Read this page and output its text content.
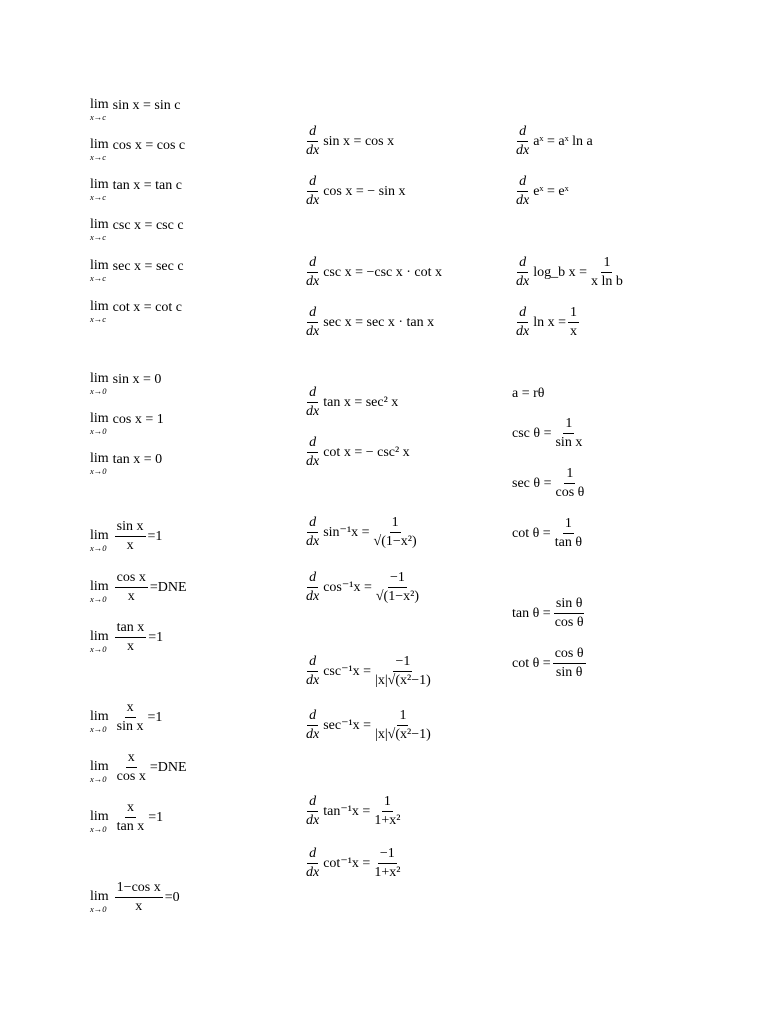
lim
x→c
sin x = sin c
lim
x→c
cos x = cos c
lim
x→c
tan x = tan c
lim
x→c
csc x = csc c
lim
x→c
sec x = sec c
lim
x→c
cot x = cot c
lim
x→0
sin x = 0
lim
x→0
cos x = 1
lim
x→0
tan x = 0
lim
$x\to 0 \frac{\text{sin x}}{x} =1$
lim
$x\to 0 \frac{\text{cos x}}{x} =DNE$
lim
$x\to 0 \frac{\text{tan x}}{x} =1$
lim
$x\to 0 \frac{x}{\text{sin x}} =1$
lim
$x\to 0 \frac{x}{\text{cos x}} =DNE$
lim
$x\to 0 \frac{x}{\text{tan x}} =1$
lim
$x\to 0 \frac{\text{1−cos x}}{x} =0$
$\frac{d}{dx}$ sin x = cos x
$\frac{d}{dx}$ cos x = − sin x
$\frac{d}{dx}$ csc x = −csc x · cot x
$\frac{d}{dx}$ sec x = sec x · tan x
$\frac{d}{dx}$ tan x = sec² x
$\frac{d}{dx}$ cot x = − csc² x
$\frac{d}{dx} \sin^{-1}x = \frac{1}{\text{√(1−x²)}}$
$\frac{d}{dx} \cos^{-1}x = \frac{-1}{\text{√(1−x²)}}$
$\frac{d}{dx} \csc^{-1}x = \frac{-1}{\text{|x|√(x²−1)}}$
$\frac{d}{dx} \sec^{-1}x = \frac{1}{\text{|x|√(x²−1)}}$
$\frac{d}{dx} \tan^{-1}x = \frac{1}{\text{1+x²}}$
$\frac{d}{dx} \cot^{-1}x = \frac{-1}{\text{1+x²}}$
$\frac{d}{dx}$ aˣ = aˣ ln a
$\frac{d}{dx}$ eˣ = eˣ
$\frac{d}{dx}$ log_b $x = \frac{1}{\text{x ln b}}$
$\frac{d}{dx}$ $\ln x = \frac{1}{x}$
a = rθ
$\csc \theta = \frac{1}{\text{sin x}}$
$\sec \theta = \frac{1}{\text{cos θ}}$
$\cot \theta = \frac{1}{\text{tan θ}}$
$\tan \theta = \frac{\text{sin θ}}{\text{cos θ}}$
$\cot \theta = \frac{\text{cos θ}}{\text{sin θ}}$
